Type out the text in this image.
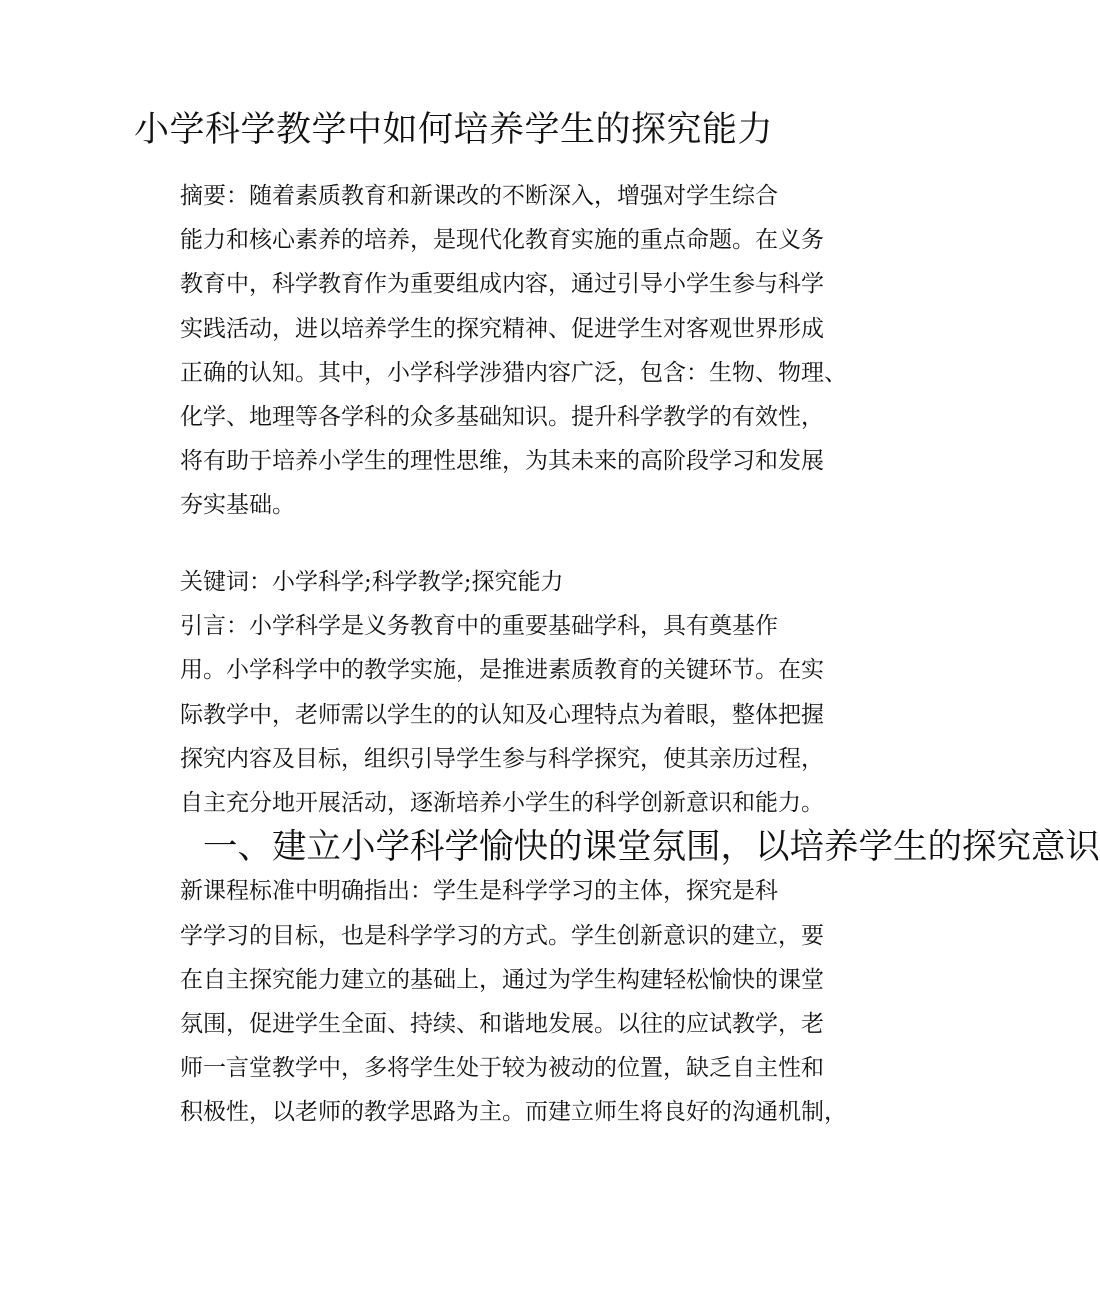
小学科学教学中如何培养学生的探究能力

摘要：随着素质教育和新课改的不断深入，增强对学生综合
能力和核心素养的培养，是现代化教育实施的重点命题。在义务
教育中，科学教育作为重要组成内容，通过引导小学生参与科学
实践活动，进以培养学生的探究精神、促进学生对客观世界形成
正确的认知。其中，小学科学涉猎内容广泛，包含：生物、物理、
化学、地理等各学科的众多基础知识。提升科学教学的有效性，
将有助于培养小学生的理性思维，为其未来的高阶段学习和发展
夯实基础。

关键词：小学科学;科学教学;探究能力

引言：小学科学是义务教育中的重要基础学科，具有奠基作
用。小学科学中的教学实施，是推进素质教育的关键环节。在实
际教学中，老师需以学生的的认知及心理特点为着眼，整体把握
探究内容及目标，组织引导学生参与科学探究，使其亲历过程，
自主充分地开展活动，逐渐培养小学生的科学创新意识和能力。

一、建立小学科学愉快的课堂氛围，以培养学生的探究意识

新课程标准中明确指出：学生是科学学习的主体，探究是科
学学习的目标，也是科学学习的方式。学生创新意识的建立，要
在自主探究能力建立的基础上，通过为学生构建轻松愉快的课堂
氛围，促进学生全面、持续、和谐地发展。以往的应试教学，老
师一言堂教学中，多将学生处于较为被动的位置，缺乏自主性和
积极性，以老师的教学思路为主。而建立师生将良好的沟通机制，
